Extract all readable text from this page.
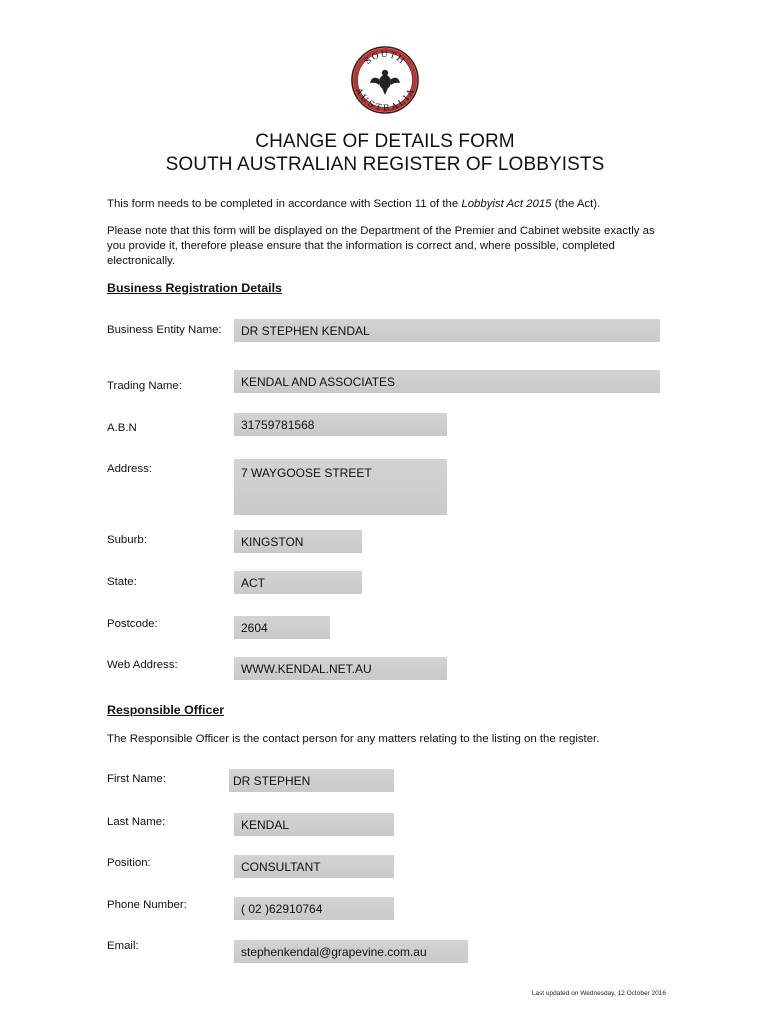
SOUTH
AUSTRALIA
CHANGE OF DETAILS FORM
SOUTH AUSTRALIAN REGISTER OF LOBBYISTS
This form needs to be completed in accordance with Section 11 of the Lobbyist Act 2015 (the Act).
Please note that this form will be displayed on the Department of the Premier and Cabinet website exactly as you provide it, therefore please ensure that the information is correct and, where possible, completed electronically.
Business Registration Details
Business Entity Name:	DR STEPHEN KENDAL
Trading Name:	KENDAL AND ASSOCIATES
A.B.N	31759781568
Address:	7 WAYGOOSE STREET
Suburb:	KINGSTON
State:	ACT
Postcode:	2604
Web Address:	WWW.KENDAL.NET.AU
Responsible Officer
The Responsible Officer is the contact person for any matters relating to the listing on the register.
First Name:	DR STEPHEN
Last Name:	KENDAL
Position:	CONSULTANT
Phone Number:	( 02 )62910764
Email:	stephenkendal@grapevine.com.au
Last updated on Wednesday, 12 October 2016
